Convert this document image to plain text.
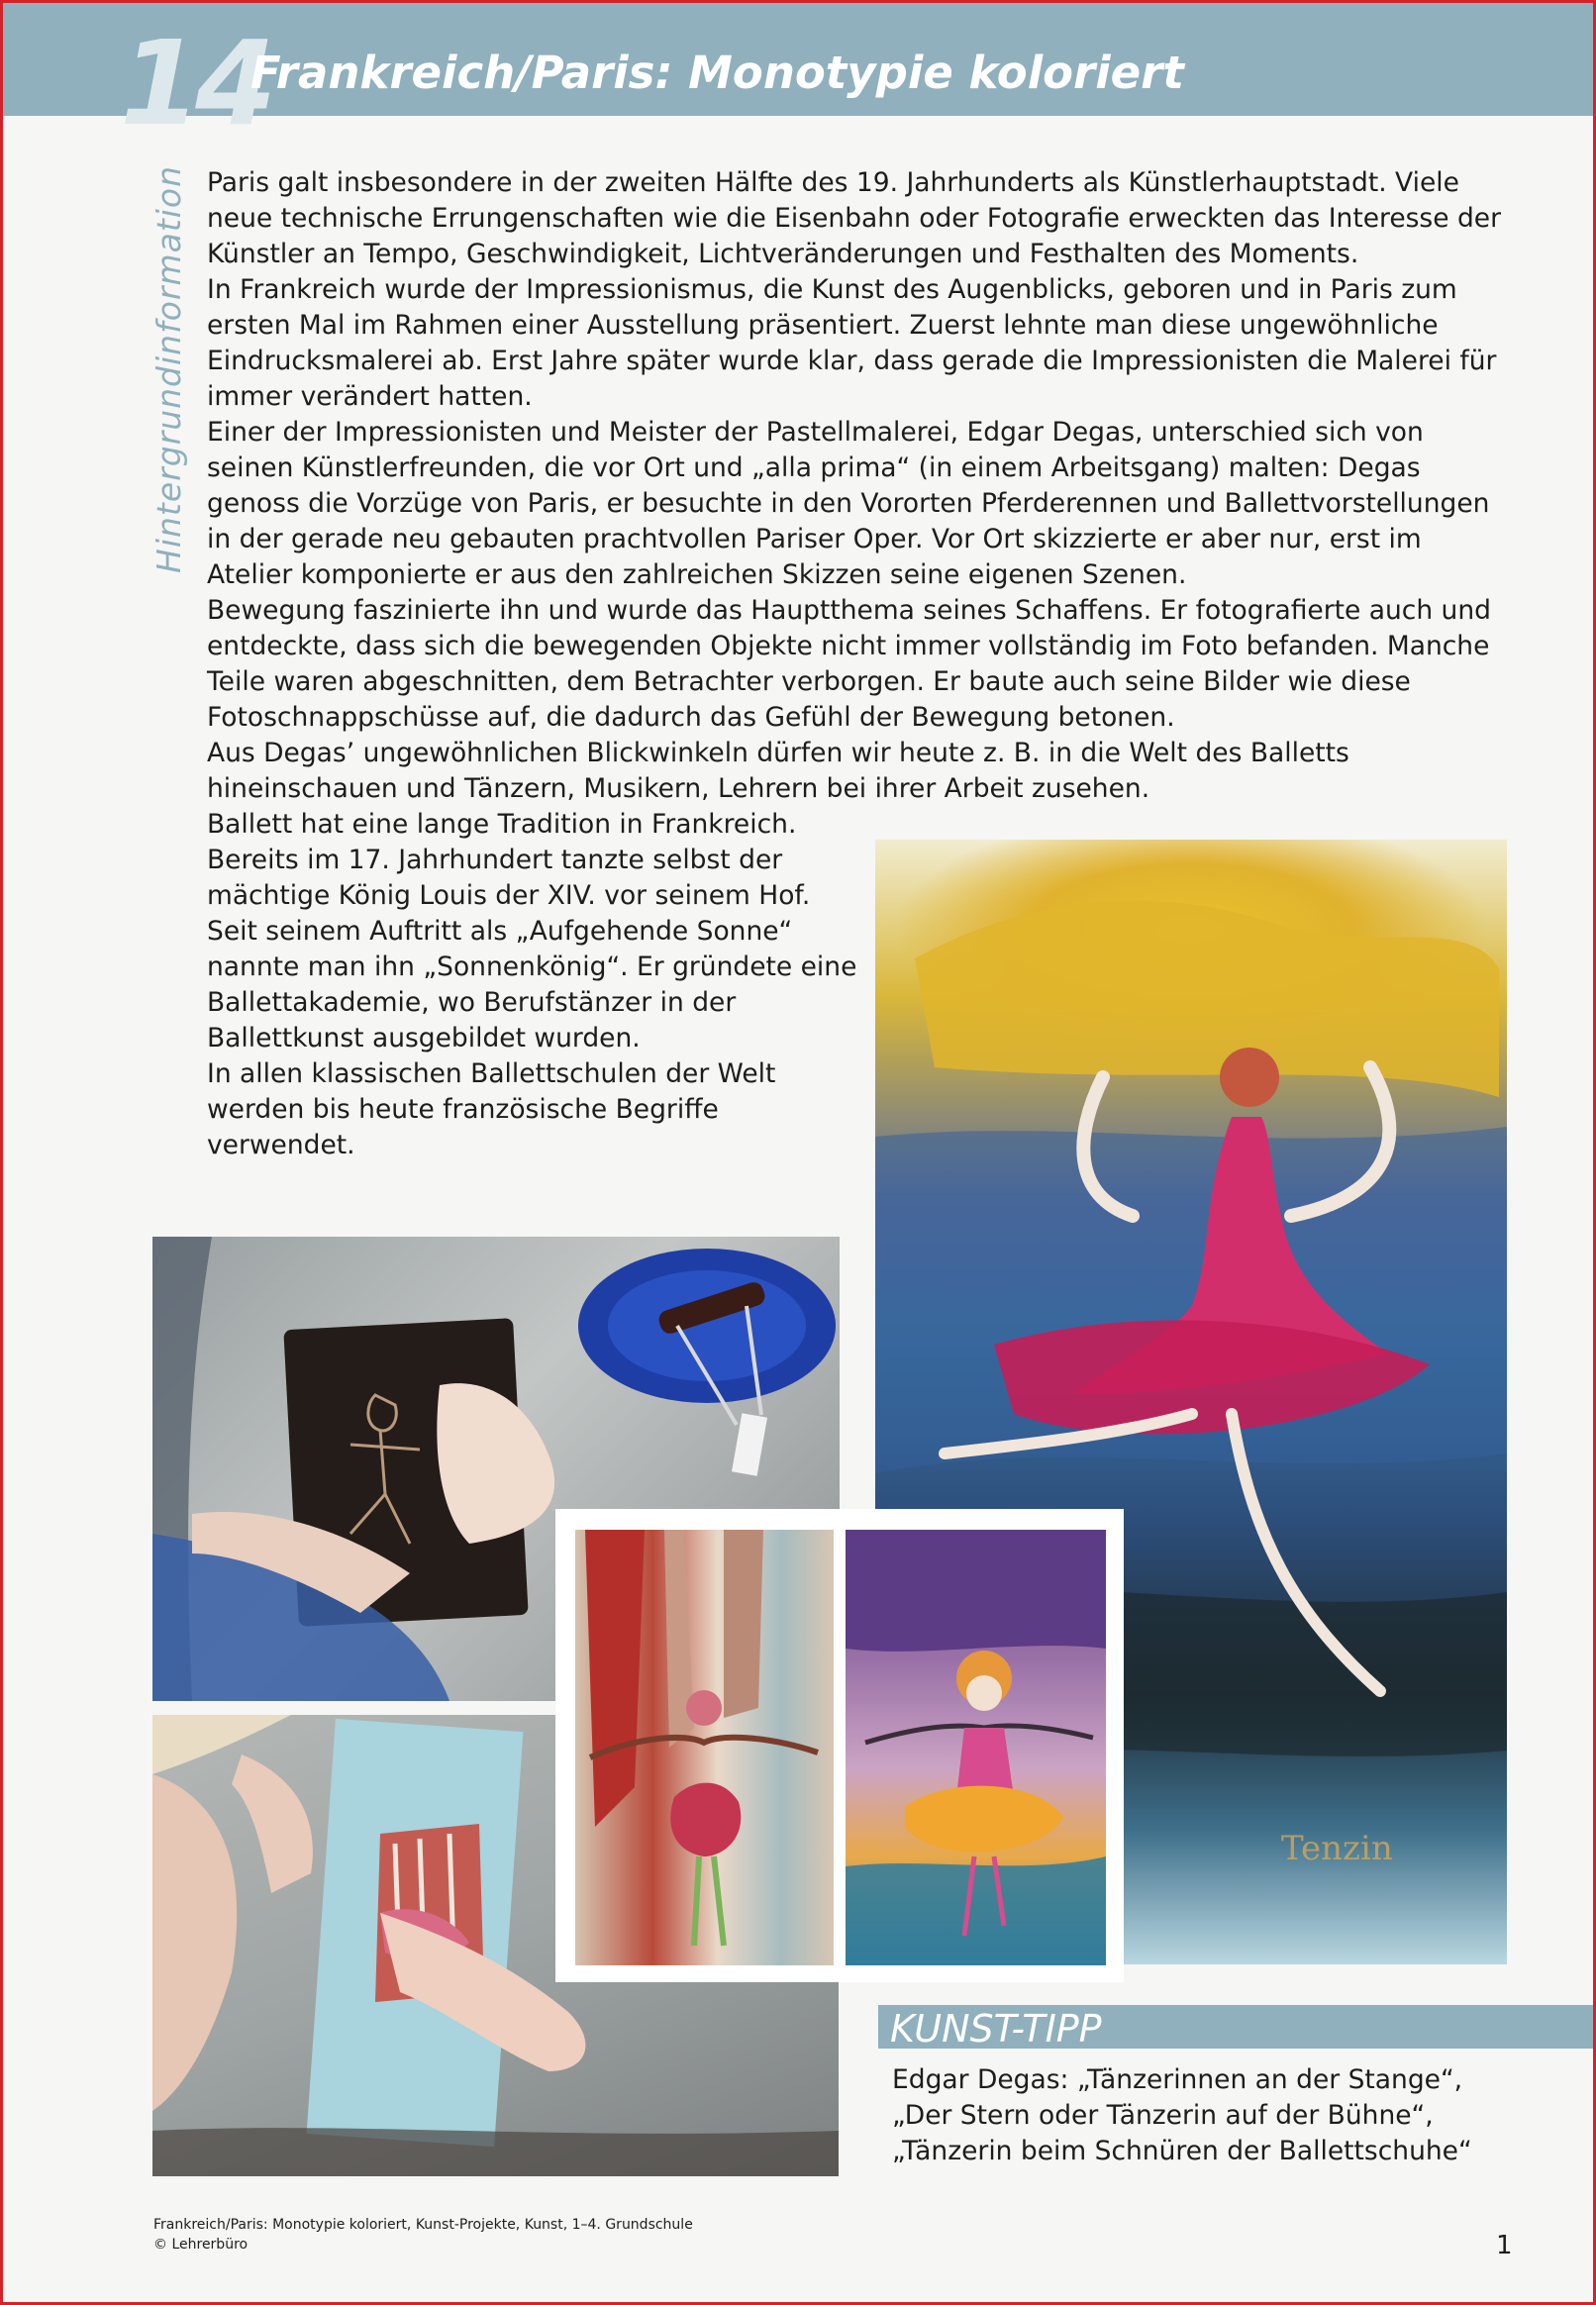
14
Frankreich/Paris: Monotypie koloriert
Hintergrundinformation Paris galt insbesondere in der zweiten Hälfte des 19. Jahrhunderts als Künstlerhauptstadt. Viele neue technische Errungenschaften wie die Eisenbahn oder Fotografie erweckten das Interesse der Künstler an Tempo, Geschwindigkeit, Lichtveränderungen und Festhalten des Moments.

In Frankreich wurde der Impressionismus, die Kunst des Augenblicks, geboren und in Paris zum ersten Mal im Rahmen einer Ausstellung präsentiert. Zuerst lehnte man diese ungewöhnliche Eindrucksmalerei ab. Erst Jahre später wurde klar, dass gerade die Impressionisten die Malerei für immer verändert hatten.

Einer der Impressionisten und Meister der Pastellmalerei, Edgar Degas, unterschied sich von seinen Künstlerfreunden, die vor Ort und „alla prima“ (in einem Arbeitsgang) malten: Degas genoss die Vorzüge von Paris, er besuchte in den Vororten Pferderennen und Ballettvorstellungen in der gerade neu gebauten prachtvollen Pariser Oper. Vor Ort skizzierte er aber nur, erst im Atelier komponierte er aus den zahlreichen Skizzen seine eigenen Szenen.

Bewegung faszinierte ihn und wurde das Hauptthema seines Schaffens. Er fotografierte auch und entdeckte, dass sich die bewegenden Objekte nicht immer vollständig im Foto befanden. Manche Teile waren abgeschnitten, dem Betrachter verborgen. Er baute auch seine Bilder wie diese Fotoschnappschüsse auf, die dadurch das Gefühl der Bewegung betonen.

Aus Degas’ ungewöhnlichen Blickwinkeln dürfen wir heute z. B. in die Welt des Balletts hineinschauen und Tänzern, Musikern, Lehrern bei ihrer Arbeit zusehen.

Ballett hat eine lange Tradition in Frankreich. Bereits im 17. Jahrhundert tanzte selbst der mächtige König Louis der XIV. vor seinem Hof. Seit seinem Auftritt als „Aufgehende Sonne“ nannte man ihn „Sonnenkönig“. Er gründete eine Ballettakademie, wo Berufstänzer in der Ballettkunst ausgebildet wurden.

In allen klassischen Ballettschulen der Welt werden bis heute französische Begriffe verwendet.

Tenzin
KUNST-TIPP

Edgar Degas: „Tänzerinnen an der Stange“,

„Der Stern oder Tänzerin auf der Bühne“,

„Tänzerin beim Schnüren der Ballettschuhe“

Frankreich/Paris: Monotypie koloriert, Kunst-Projekte, Kunst, 1–4. Grundschule

© Lehrerbüro	1
